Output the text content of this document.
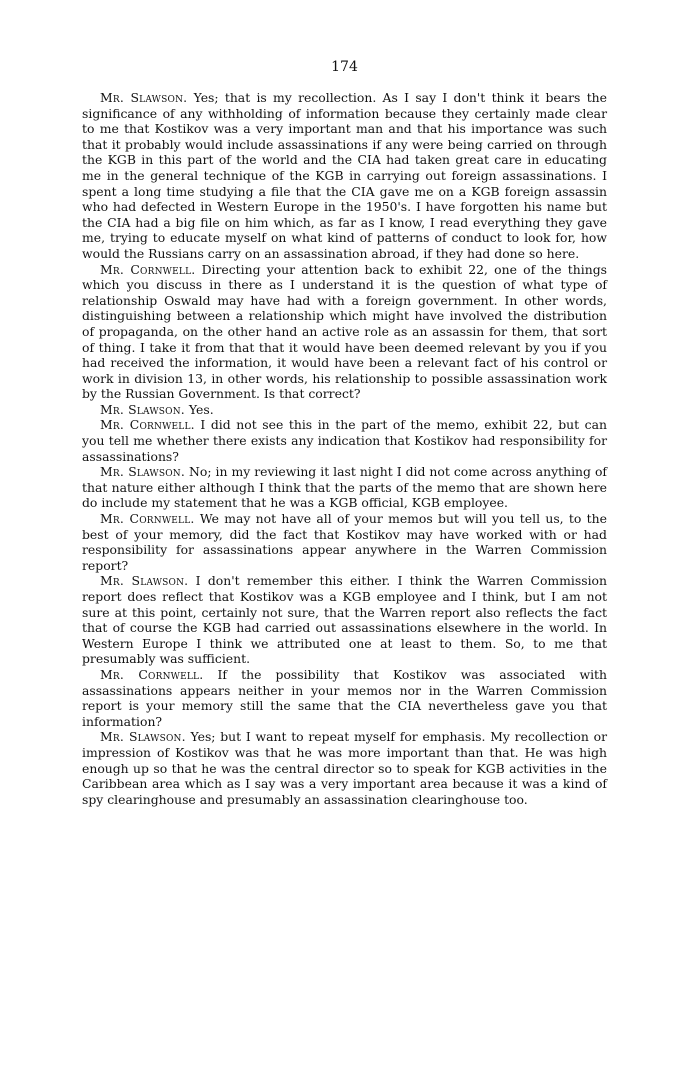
174

Mr. Slawson. Yes; that is my recollection. As I say I don't think it bears the significance of any withholding of information because they certainly made clear to me that Kostikov was a very important man and that his importance was such that it probably would include assassinations if any were being carried on through the KGB in this part of the world and the CIA had taken great care in educating me in the general technique of the KGB in carrying out foreign assassinations. I spent a long time studying a file that the CIA gave me on a KGB foreign assassin who had defected in Western Europe in the 1950's. I have forgotten his name but the CIA had a big file on him which, as far as I know, I read everything they gave me, trying to educate myself on what kind of patterns of conduct to look for, how would the Russians carry on an assassination abroad, if they had done so here.

Mr. Cornwell. Directing your attention back to exhibit 22, one of the things which you discuss in there as I understand it is the question of what type of relationship Oswald may have had with a foreign government. In other words, distinguishing between a relationship which might have involved the distribution of propaganda, on the other hand an active role as an assassin for them, that sort of thing. I take it from that that it would have been deemed relevant by you if you had received the information, it would have been a relevant fact of his control or work in division 13, in other words, his relationship to possible assassination work by the Russian Government. Is that correct?

Mr. Slawson. Yes.

Mr. Cornwell. I did not see this in the part of the memo, exhibit 22, but can you tell me whether there exists any indication that Kostikov had responsibility for assassinations?

Mr. Slawson. No; in my reviewing it last night I did not come across anything of that nature either although I think that the parts of the memo that are shown here do include my statement that he was a KGB official, KGB employee.

Mr. Cornwell. We may not have all of your memos but will you tell us, to the best of your memory, did the fact that Kostikov may have worked with or had responsibility for assassinations appear anywhere in the Warren Commission report?

Mr. Slawson. I don't remember this either. I think the Warren Commission report does reflect that Kostikov was a KGB employee and I think, but I am not sure at this point, certainly not sure, that the Warren report also reflects the fact that of course the KGB had carried out assassinations elsewhere in the world. In Western Europe I think we attributed one at least to them. So, to me that presumably was sufficient.

Mr. Cornwell. If the possibility that Kostikov was associated with assassinations appears neither in your memos nor in the Warren Commission report is your memory still the same that the CIA nevertheless gave you that information?

Mr. Slawson. Yes; but I want to repeat myself for emphasis. My recollection or impression of Kostikov was that he was more important than that. He was high enough up so that he was the central director so to speak for KGB activities in the Caribbean area which as I say was a very important area because it was a kind of spy clearinghouse and presumably an assassination clearinghouse too.
